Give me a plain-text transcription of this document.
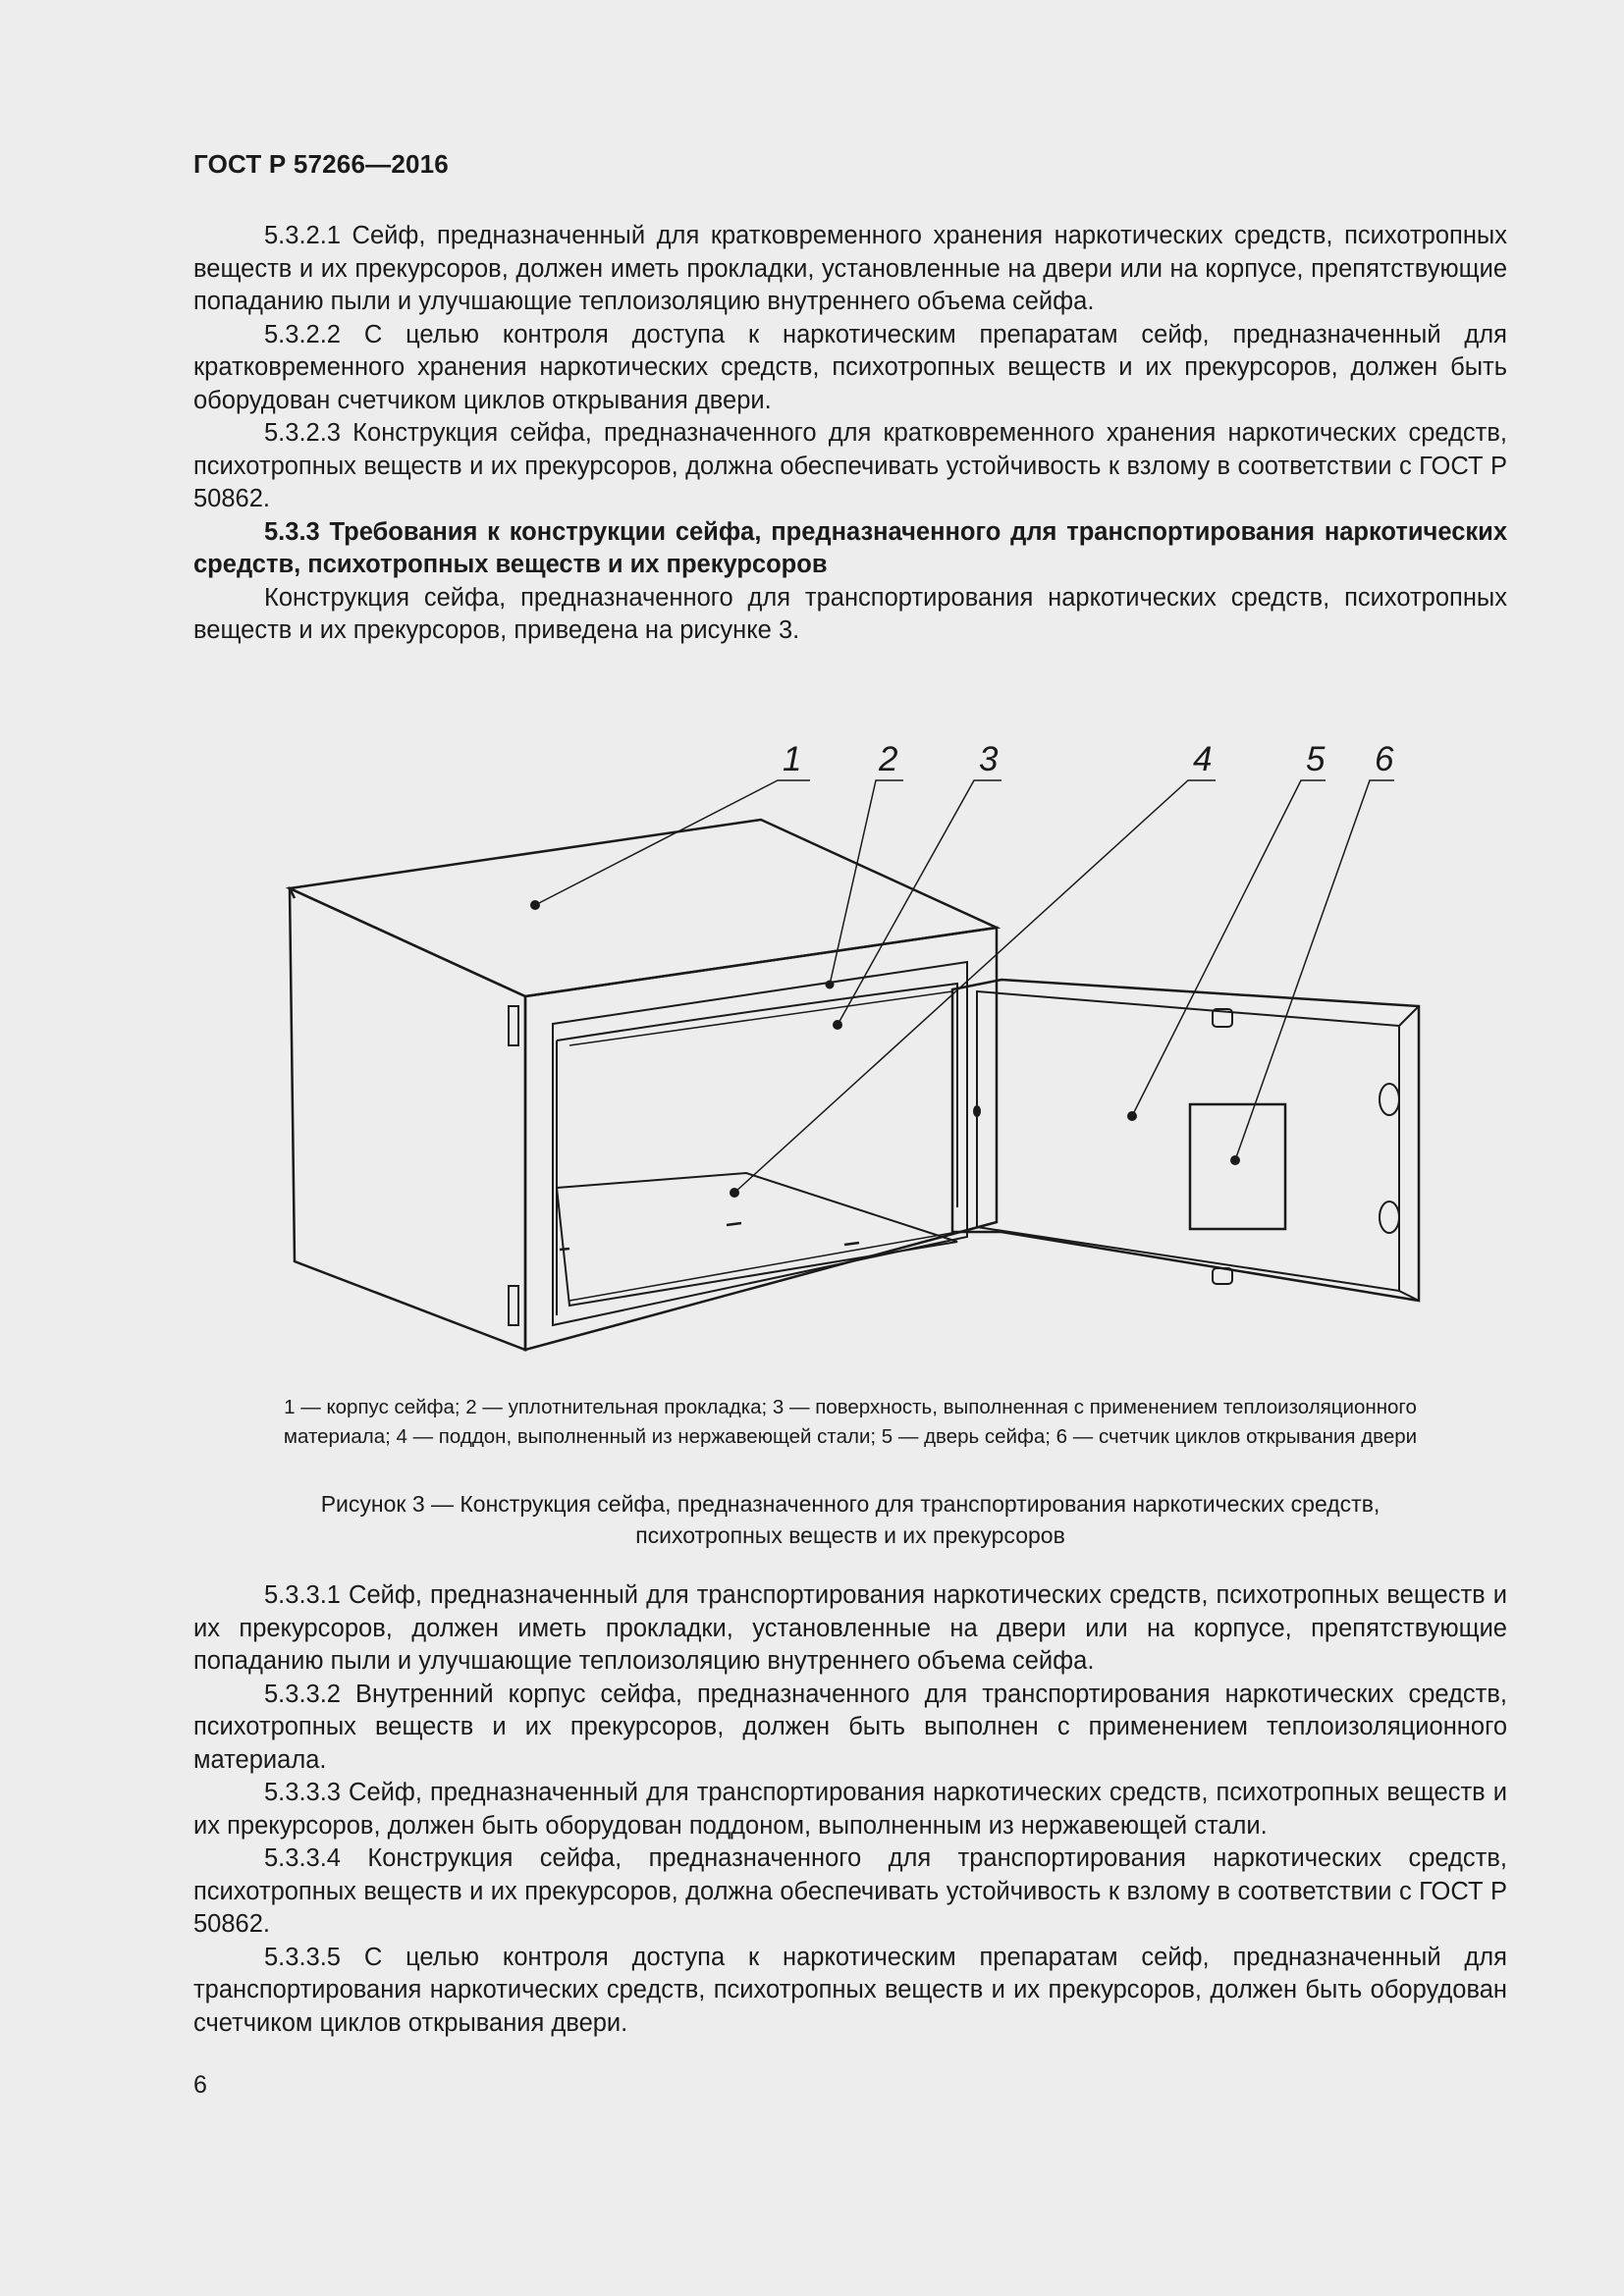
ГОСТ Р 57266—2016

5.3.2.1 Сейф, предназначенный для кратковременного хранения наркотических средств, психотропных веществ и их прекурсоров, должен иметь прокладки, установленные на двери или на корпусе, препятствующие попаданию пыли и улучшающие теплоизоляцию внутреннего объема сейфа.

5.3.2.2 С целью контроля доступа к наркотическим препаратам сейф, предназначенный для кратковременного хранения наркотических средств, психотропных веществ и их прекурсоров, должен быть оборудован счетчиком циклов открывания двери.

5.3.2.3 Конструкция сейфа, предназначенного для кратковременного хранения наркотических средств, психотропных веществ и их прекурсоров, должна обеспечивать устойчивость к взлому в соответствии с ГОСТ Р 50862.

5.3.3 Требования к конструкции сейфа, предназначенного для транспортирования наркотических средств, психотропных веществ и их прекурсоров

Конструкция сейфа, предназначенного для транспортирования наркотических средств, психотропных веществ и их прекурсоров, приведена на рисунке 3.

1 2 3	4	5 6
1 — корпус сейфа; 2 — уплотнительная прокладка; 3 — поверхность, выполненная с применением теплоизоляционного
материала; 4 — поддон, выполненный из нержавеющей стали; 5 — дверь сейфа; 6 — счетчик циклов открывания двери
Рисунок 3 — Конструкция сейфа, предназначенного для транспортирования наркотических средств,
психотропных веществ и их прекурсоров

5.3.3.1 Сейф, предназначенный для транспортирования наркотических средств, психотропных веществ и их прекурсоров, должен иметь прокладки, установленные на двери или на корпусе, препятствующие попаданию пыли и улучшающие теплоизоляцию внутреннего объема сейфа.

5.3.3.2 Внутренний корпус сейфа, предназначенного для транспортирования наркотических средств, психотропных веществ и их прекурсоров, должен быть выполнен с применением теплоизоляционного материала.

5.3.3.3 Сейф, предназначенный для транспортирования наркотических средств, психотропных веществ и их прекурсоров, должен быть оборудован поддоном, выполненным из нержавеющей стали.

5.3.3.4 Конструкция сейфа, предназначенного для транспортирования наркотических средств, психотропных веществ и их прекурсоров, должна обеспечивать устойчивость к взлому в соответствии с ГОСТ Р 50862.

5.3.3.5 С целью контроля доступа к наркотическим препаратам сейф, предназначенный для транспортирования наркотических средств, психотропных веществ и их прекурсоров, должен быть оборудован счетчиком циклов открывания двери.

6
